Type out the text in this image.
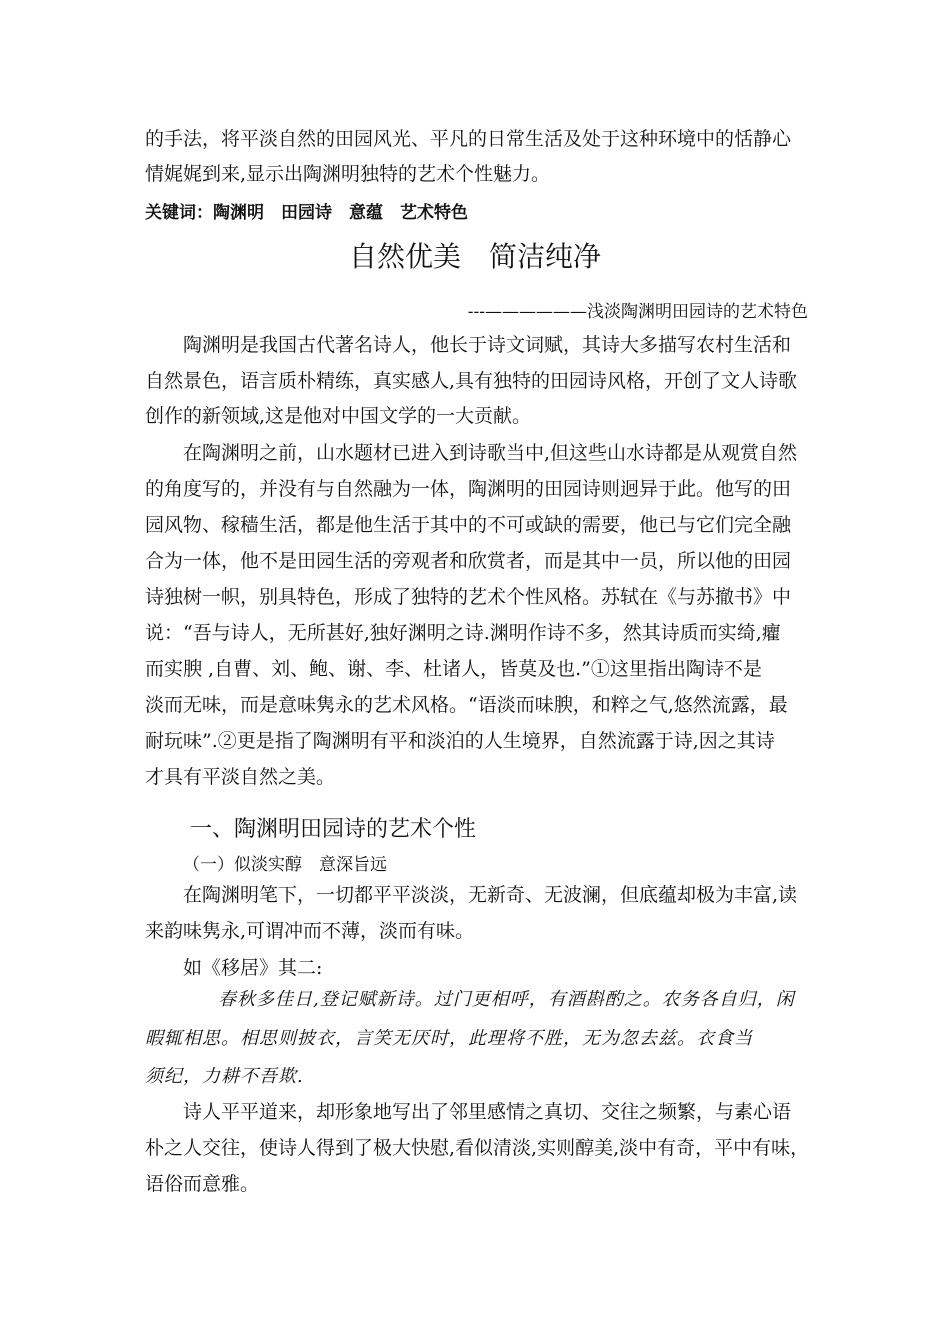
的手法，将平淡自然的田园风光、平凡的日常生活及处于这种环境中的恬静心
情娓娓到来,显示出陶渊明独特的艺术个性魅力。
关键词：陶渊明　田园诗　意蕴　艺术特色
自然优美　简洁纯净
---——————浅淡陶渊明田园诗的艺术特色
陶渊明是我国古代著名诗人，他长于诗文词赋，其诗大多描写农村生活和
自然景色，语言质朴精练，真实感人,具有独特的田园诗风格，开创了文人诗歌
创作的新领域,这是他对中国文学的一大贡献。
在陶渊明之前，山水题材已进入到诗歌当中,但这些山水诗都是从观赏自然
的角度写的，并没有与自然融为一体，陶渊明的田园诗则迥异于此。他写的田
园风物、稼穑生活，都是他生活于其中的不可或缺的需要，他已与它们完全融
合为一体，他不是田园生活的旁观者和欣赏者，而是其中一员，所以他的田园
诗独树一帜，别具特色，形成了独特的艺术个性风格。苏轼在《与苏撤书》中
说：“吾与诗人，无所甚好,独好渊明之诗.渊明作诗不多，然其诗质而实绮,癯
而实腴 ,自曹、刘、鲍、谢、李、杜诸人，皆莫及也.”①这里指出陶诗不是
淡而无味，而是意味隽永的艺术风格。“语淡而味腴，和粹之气,悠然流露，最
耐玩味”.②更是指了陶渊明有平和淡泊的人生境界，自然流露于诗,因之其诗
才具有平淡自然之美。
一、陶渊明田园诗的艺术个性
（一）似淡实醇　意深旨远
在陶渊明笔下，一切都平平淡淡，无新奇、无波澜，但底蕴却极为丰富,读
来韵味隽永,可谓冲而不薄，淡而有味。
如《移居》其二:
春秋多佳日,登记赋新诗。过门更相呼，有酒斟酌之。农务各自归，闲
暇辄相思。相思则披衣，言笑无厌时，此理将不胜，无为忽去兹。衣食当
须纪，力耕不吾欺.
诗人平平道来，却形象地写出了邻里感情之真切、交往之频繁，与素心语
朴之人交往，使诗人得到了极大快慰,看似清淡,实则醇美,淡中有奇，平中有味，
语俗而意雅。
